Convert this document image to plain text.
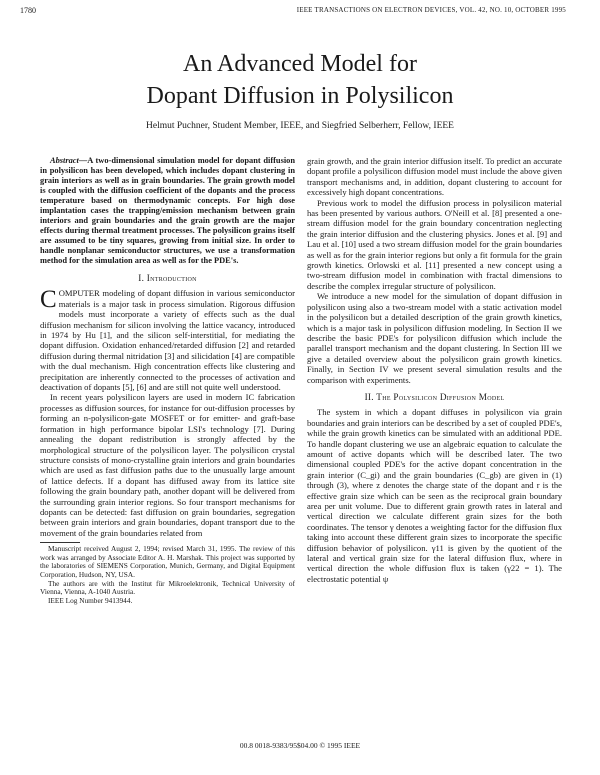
1780	IEEE TRANSACTIONS ON ELECTRON DEVICES, VOL. 42, NO. 10, OCTOBER 1995
An Advanced Model for
Dopant Diffusion in Polysilicon
Helmut Puchner, Student Member, IEEE, and Siegfried Selberherr, Fellow, IEEE

Abstract—A two-dimensional simulation model for dopant diffusion in polysilicon has been developed, which includes dopant clustering in grain interiors as well as in grain boundaries. The grain growth model is coupled with the diffusion coefficient of the dopants and the process temperature based on thermodynamic concepts. For high dose implantation cases the trapping/emission mechanism between grain interiors and grain boundaries and the grain growth are the major effects during thermal treatment processes. The polysilicon grains itself are assumed to be tiny squares, growing from initial size. In order to handle nonplanar semiconductor structures, we use a transformation method for the simulation area as well as for the PDE's.

I. Introduction

COMPUTER modeling of dopant diffusion in various semiconductor materials is a major task in process simulation. Rigorous diffusion models must incorporate a variety of effects such as the dual diffusion mechanism for silicon involving the lattice vacancy, introduced in 1974 by Hu [1], and the silicon self-interstitial, for mediating the dopant diffusion. Oxidation enhanced/retarded diffusion [2] and retarded diffusion during thermal nitridation [3] and silicidation [4] are compatible with the dual mechanism. High concentration effects like clustering and precipitation are inherently connected to the processes of activation and deactivation of dopants [5], [6] and are still not quite well understood.

In recent years polysilicon layers are used in modern IC fabrication processes as diffusion sources, for instance for out-diffusion processes by forming an n-polysilicon-gate MOSFET or for emitter- and graft-base formation in high performance bipolar LSI's technology [7]. During annealing the dopant redistribution is strongly affected by the morphological structure of the polysilicon layer. The polysilicon crystal structure consists of mono-crystalline grain interiors and grain boundaries which are used as fast diffusion paths due to the unusually large amount of lattice defects. If a dopant has diffused away from its lattice site following the grain boundary path, another dopant will be delivered from the surrounding grain interior regions. So four transport mechanisms for dopants can be detected: fast diffusion on grain boundaries, segregation between grain interiors and grain boundaries, dopant transport due to the movement of the grain boundaries related from

Manuscript received August 2, 1994; revised March 31, 1995. The review of this work was arranged by Associate Editor A. H. Marshak. This project was supported by the laboratories of SIEMENS Corporation, Munich, Germany, and Digital Equipment Corporation, Hudson, NY, USA.

The authors are with the Institut für Mikroelektronik, Technical University of Vienna, Vienna, A-1040 Austria.

IEEE Log Number 9413944.

grain growth, and the grain interior diffusion itself. To predict an accurate dopant profile a polysilicon diffusion model must include the above given transport mechanisms and, in addition, dopant clustering to account for excessively high dopant concentrations.

Previous work to model the diffusion process in polysilicon material has been presented by various authors. O'Neill et al. [8] presented a one-stream diffusion model for the grain boundary concentration neglecting the grain interior diffusion and the clustering physics. Jones et al. [9] and Lau et al. [10] used a two stream diffusion model for the grain boundaries as well as for the grain interior regions but only a fit formula for the grain growth kinetics. Orlowski et al. [11] presented a new concept using a two-stream diffusion model in combination with fractal dimensions to describe the complex irregular structure of polysilicon.

We introduce a new model for the simulation of dopant diffusion in polysilicon using also a two-stream model with a static activation model in the polysilicon but a detailed description of the grain growth kinetics, which is a major task in polysilicon diffusion modeling. In Section II we describe the basic PDE's for polysilicon diffusion which include the parallel transport mechanism and the dopant clustering. In Section III we give a detailed overview about the polysilicon grain growth kinetics. Finally, in Section IV we present several simulation results and the comparison with experiments.

II. The Polysilicon Diffusion Model

The system in which a dopant diffuses in polysilicon via grain boundaries and grain interiors can be described by a set of coupled PDE's, while the grain growth kinetics can be simulated with an additional PDE. To handle dopant clustering we use an algebraic equation to calculate the amount of active dopants which will be described later. The two dimensional coupled PDE's for the active dopant concentration in the grain interior (C_gi) and the grain boundaries (C_gb) are given in (1) through (3), where z denotes the charge state of the dopant and r is the effective grain size which can be seen as the reciprocal grain boundary area per unit volume. Due to different grain growth rates in lateral and vertical direction we calculate different grain sizes for the both coordinates. The tensor γ denotes a weighting factor for the diffusion flux taking into account these different grain sizes to incorporate the specific diffusion behavior of polysilicon. γ11 is given by the quotient of the lateral and vertical grain size for the lateral diffusion flux, where in vertical direction the whole diffusion flux is taken (γ22 = 1). The electrostatic potential ψ

00.8 0018-9383/95$04.00 © 1995 IEEE
